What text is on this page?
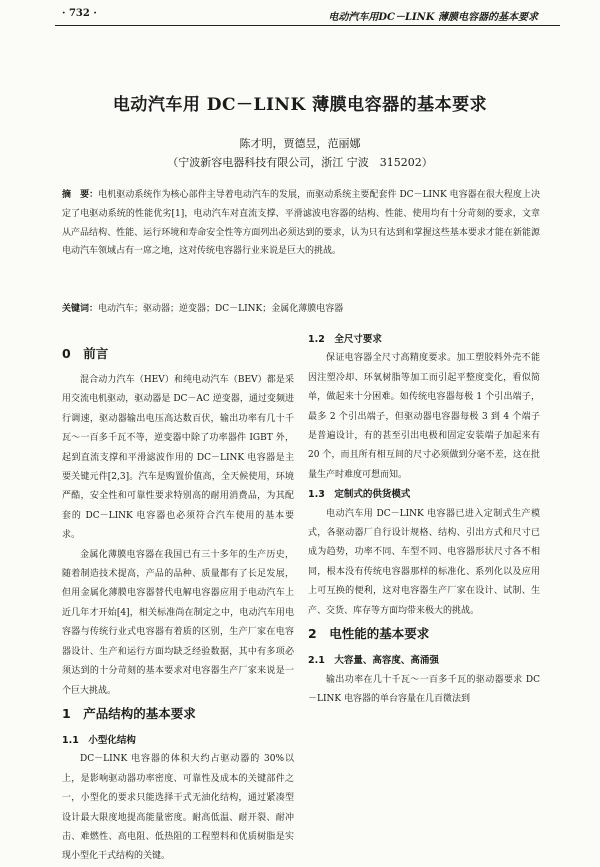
· 732 ·	电动汽车用DC－LINK 薄膜电容器的基本要求
电动汽车用 DC－LINK 薄膜电容器的基本要求
陈才明，贾德昱，范丽娜
（宁波新容电器科技有限公司，浙江 宁波　315202）
摘　要：电机驱动系统作为核心部件主导着电动汽车的发展，而驱动系统主要配套件 DC－LINK 电容器在很大程度上决定了电驱动系统的性能优劣[1]，电动汽车对直流支撑、平滑滤波电容器的结构、性能、使用均有十分苛刻的要求，文章从产品结构、性能、运行环境和寿命安全性等方面列出必须达到的要求，认为只有达到和掌握这些基本要求才能在新能源电动汽车领域占有一席之地，这对传统电容器行业来说是巨大的挑战。
关键词：电动汽车；驱动器；逆变器；DC－LINK；金属化薄膜电容器
0　前言

混合动力汽车（HEV）和纯电动汽车（BEV）都是采用交流电机驱动，驱动器是 DC－AC 逆变器，通过变频进行调速，驱动器输出电压高达数百伏，输出功率有几十千瓦～一百多千瓦不等，逆变器中除了功率器件 IGBT 外，起到直流支撑和平滑滤波作用的 DC－LINK 电容器是主要关键元件[2,3]。汽车是购置价值高，全天候使用，环境严酷，安全性和可靠性要求特别高的耐用消费品，为其配套的 DC－LINK 电容器也必须符合汽车使用的基本要求。

金属化薄膜电容器在我国已有三十多年的生产历史，随着制造技术提高，产品的品种、质量都有了长足发展，但用金属化薄膜电容器替代电解电容器应用于电动汽车上近几年才开始[4]，相关标准尚在制定之中，电动汽车用电容器与传统行业式电容器有着质的区别，生产厂家在电容器设计、生产和运行方面均缺乏经验数据，其中有多项必须达到的十分苛刻的基本要求对电容器生产厂家来说是一个巨大挑战。

1　产品结构的基本要求
1.1　小型化结构

DC－LINK 电容器的体积大约占驱动器的 30%以上，是影响驱动器功率密度、可靠性及成本的关键部件之一，小型化的要求只能选择干式无油化结构，通过紧凑型设计最大限度地提高能量密度。耐高低温、耐开裂、耐冲击、难燃性、高电阻、低热阻的工程塑料和优质树脂是实现小型化干式结构的关键。

1.2　全尺寸要求

保证电容器全尺寸高精度要求。加工塑胶料外壳不能因注塑冷却、环氧树脂等加工而引起平整度变化，看似简单，做起来十分困难。如传统电容器每极 1 个引出端子，最多 2 个引出端子，但驱动器电容器每极 3 到 4 个端子是普遍设计，有的甚至引出电极和固定安装端子加起来有 20 个，而且所有相互间的尺寸必须做到分毫不差，这在批量生产时难度可想而知。

1.3　定制式的供货模式

电动汽车用 DC－LINK 电容器已进入定制式生产模式，各驱动器厂自行设计规格、结构、引出方式和尺寸已成为趋势，功率不同、车型不同、电容器形状尺寸各不相同，根本没有传统电容器那样的标准化、系列化以及应用上可互换的便利，这对电容器生产厂家在设计、试制、生产、交货、库存等方面均带来极大的挑战。

2　电性能的基本要求
2.1　大容量、高容度、高涌强

输出功率在几十千瓦～一百多千瓦的驱动器要求 DC－LINK 电容器的单台容量在几百微法到
